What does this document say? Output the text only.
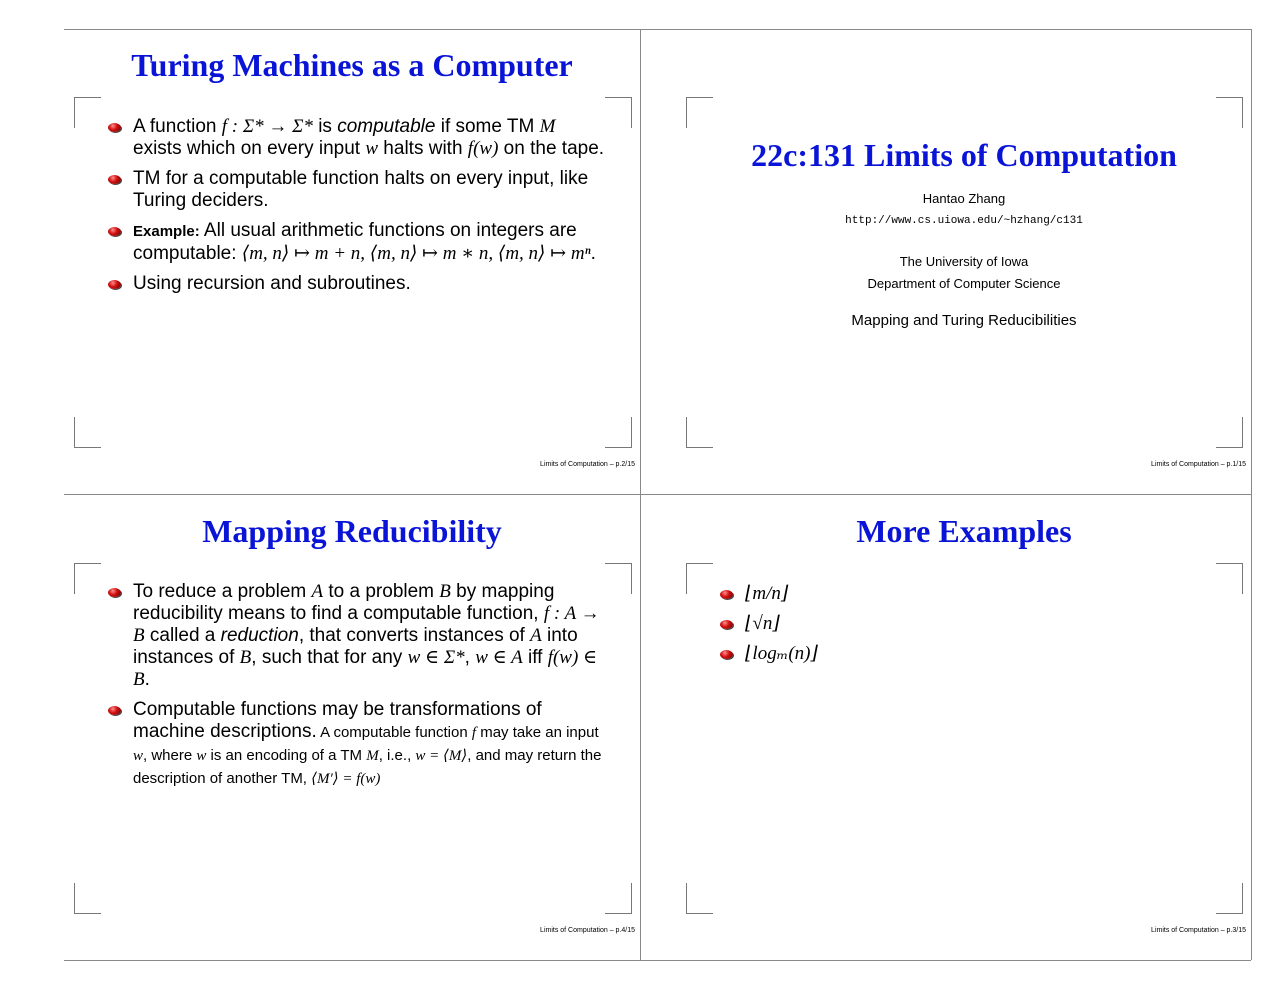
Turing Machines as a Computer
A function f : Σ* → Σ* is computable if some TM M exists which on every input w halts with f(w) on the tape.
TM for a computable function halts on every input, like Turing deciders.
Example: All usual arithmetic functions on integers are computable: ⟨m, n⟩ ↦ m + n, ⟨m, n⟩ ↦ m ∗ n, ⟨m, n⟩ ↦ mⁿ.
Using recursion and subroutines.
Limits of Computation – p.2/15
22c:131 Limits of Computation
Hantao Zhang
http://www.cs.uiowa.edu/~hzhang/c131
The University of Iowa
Department of Computer Science
Mapping and Turing Reducibilities
Limits of Computation – p.1/15
Mapping Reducibility
To reduce a problem A to a problem B by mapping reducibility means to find a computable function, f : A → B called a reduction, that converts instances of A into instances of B, such that for any w ∈ Σ*, w ∈ A iff f(w) ∈ B.
Computable functions may be transformations of machine descriptions. A computable function f may take an input w, where w is an encoding of a TM M, i.e., w = ⟨M⟩, and may return the description of another TM, ⟨M′⟩ = f(w)
Limits of Computation – p.4/15
More Examples
⌊m/n⌋
⌊√n⌋
⌊logₘ(n)⌋
Limits of Computation – p.3/15
